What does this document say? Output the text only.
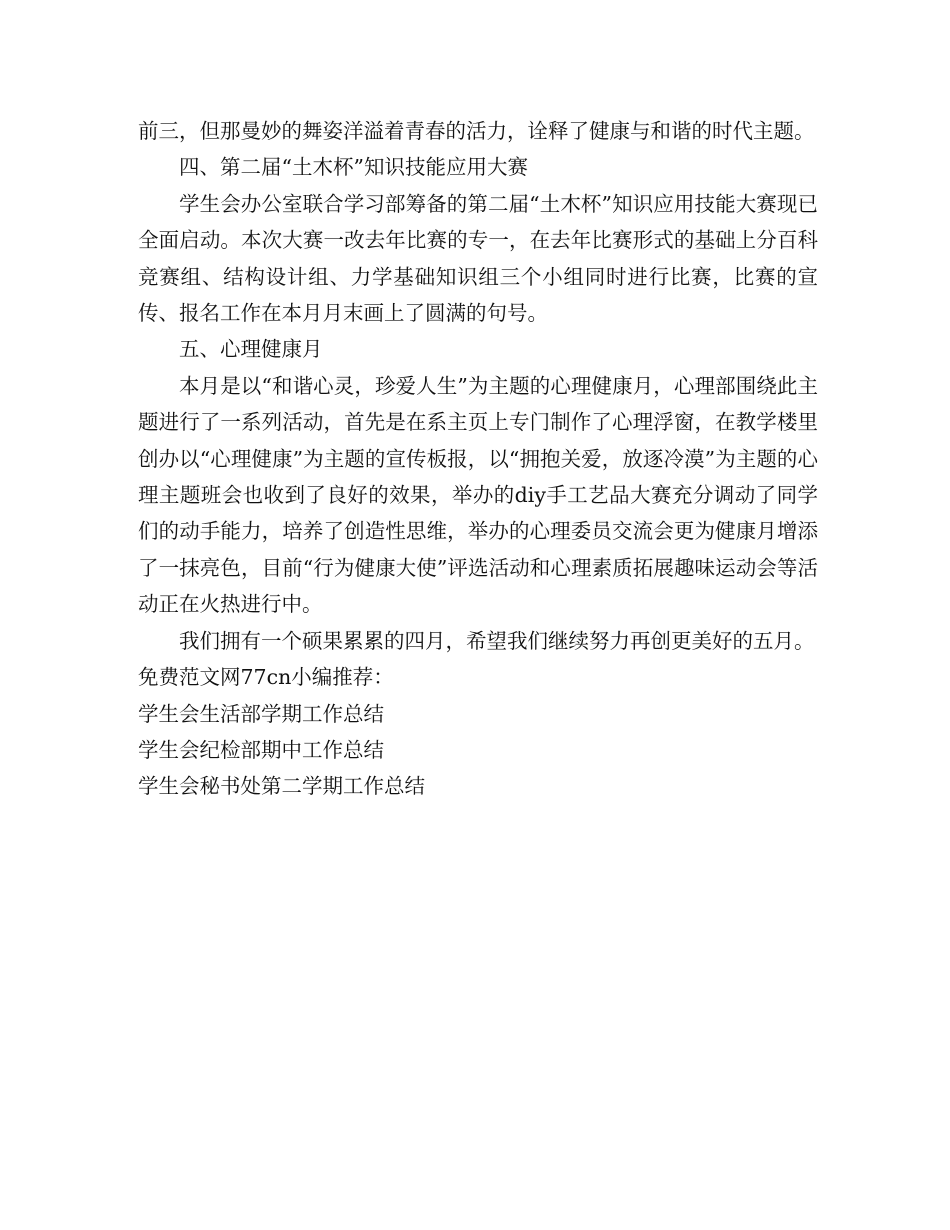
前三，但那曼妙的舞姿洋溢着青春的活力，诠释了健康与和谐的时代主题。

四、第二届“土木杯”知识技能应用大赛

学生会办公室联合学习部筹备的第二届“土木杯”知识应用技能大赛现已全面启动。本次大赛一改去年比赛的专一，在去年比赛形式的基础上分百科竞赛组、结构设计组、力学基础知识组三个小组同时进行比赛，比赛的宣传、报名工作在本月月末画上了圆满的句号。

五、心理健康月

本月是以“和谐心灵，珍爱人生”为主题的心理健康月，心理部围绕此主题进行了一系列活动，首先是在系主页上专门制作了心理浮窗，在教学楼里创办以“心理健康”为主题的宣传板报，以“拥抱关爱，放逐冷漠”为主题的心理主题班会也收到了良好的效果，举办的diy手工艺品大赛充分调动了同学们的动手能力，培养了创造性思维，举办的心理委员交流会更为健康月增添了一抹亮色，目前“行为健康大使”评选活动和心理素质拓展趣味运动会等活动正在火热进行中。

我们拥有一个硕果累累的四月，希望我们继续努力再创更美好的五月。

免费范文网77cn小编推荐：

学生会生活部学期工作总结

学生会纪检部期中工作总结

学生会秘书处第二学期工作总结
